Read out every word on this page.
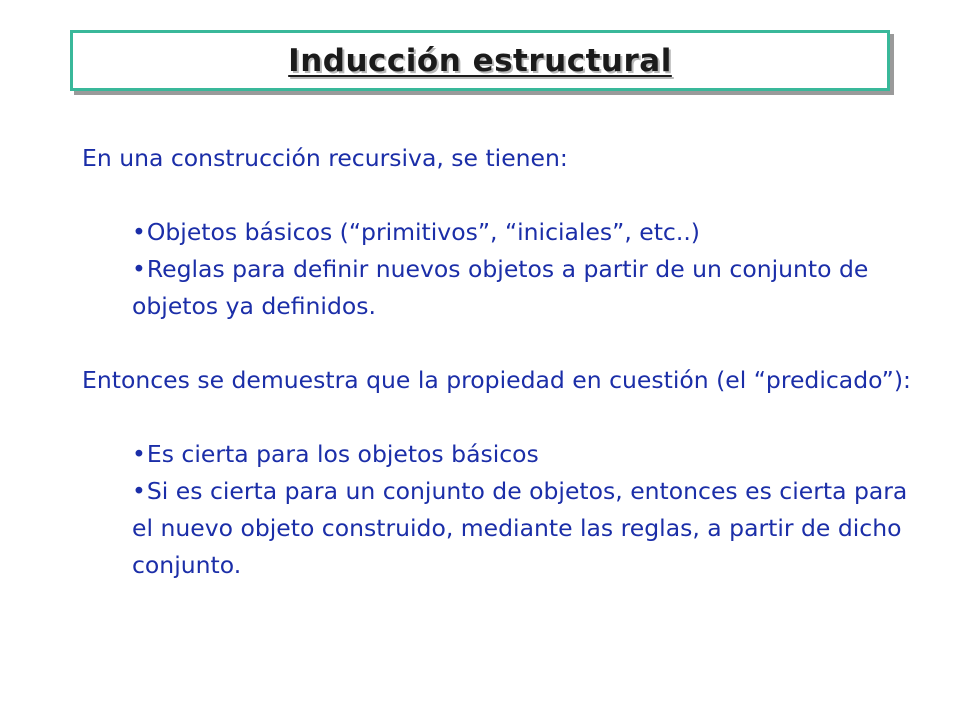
Inducción estructural

En una construcción recursiva, se tienen:

•Objetos básicos (“primitivos”, “iniciales”, etc..)
•Reglas para definir nuevos objetos a partir de un conjunto de objetos ya definidos.

Entonces se demuestra que la propiedad en cuestión (el “predicado”):

•Es cierta para los objetos básicos
•Si es cierta para un conjunto de objetos, entonces es cierta para el nuevo objeto construido, mediante las reglas, a partir de dicho conjunto.
